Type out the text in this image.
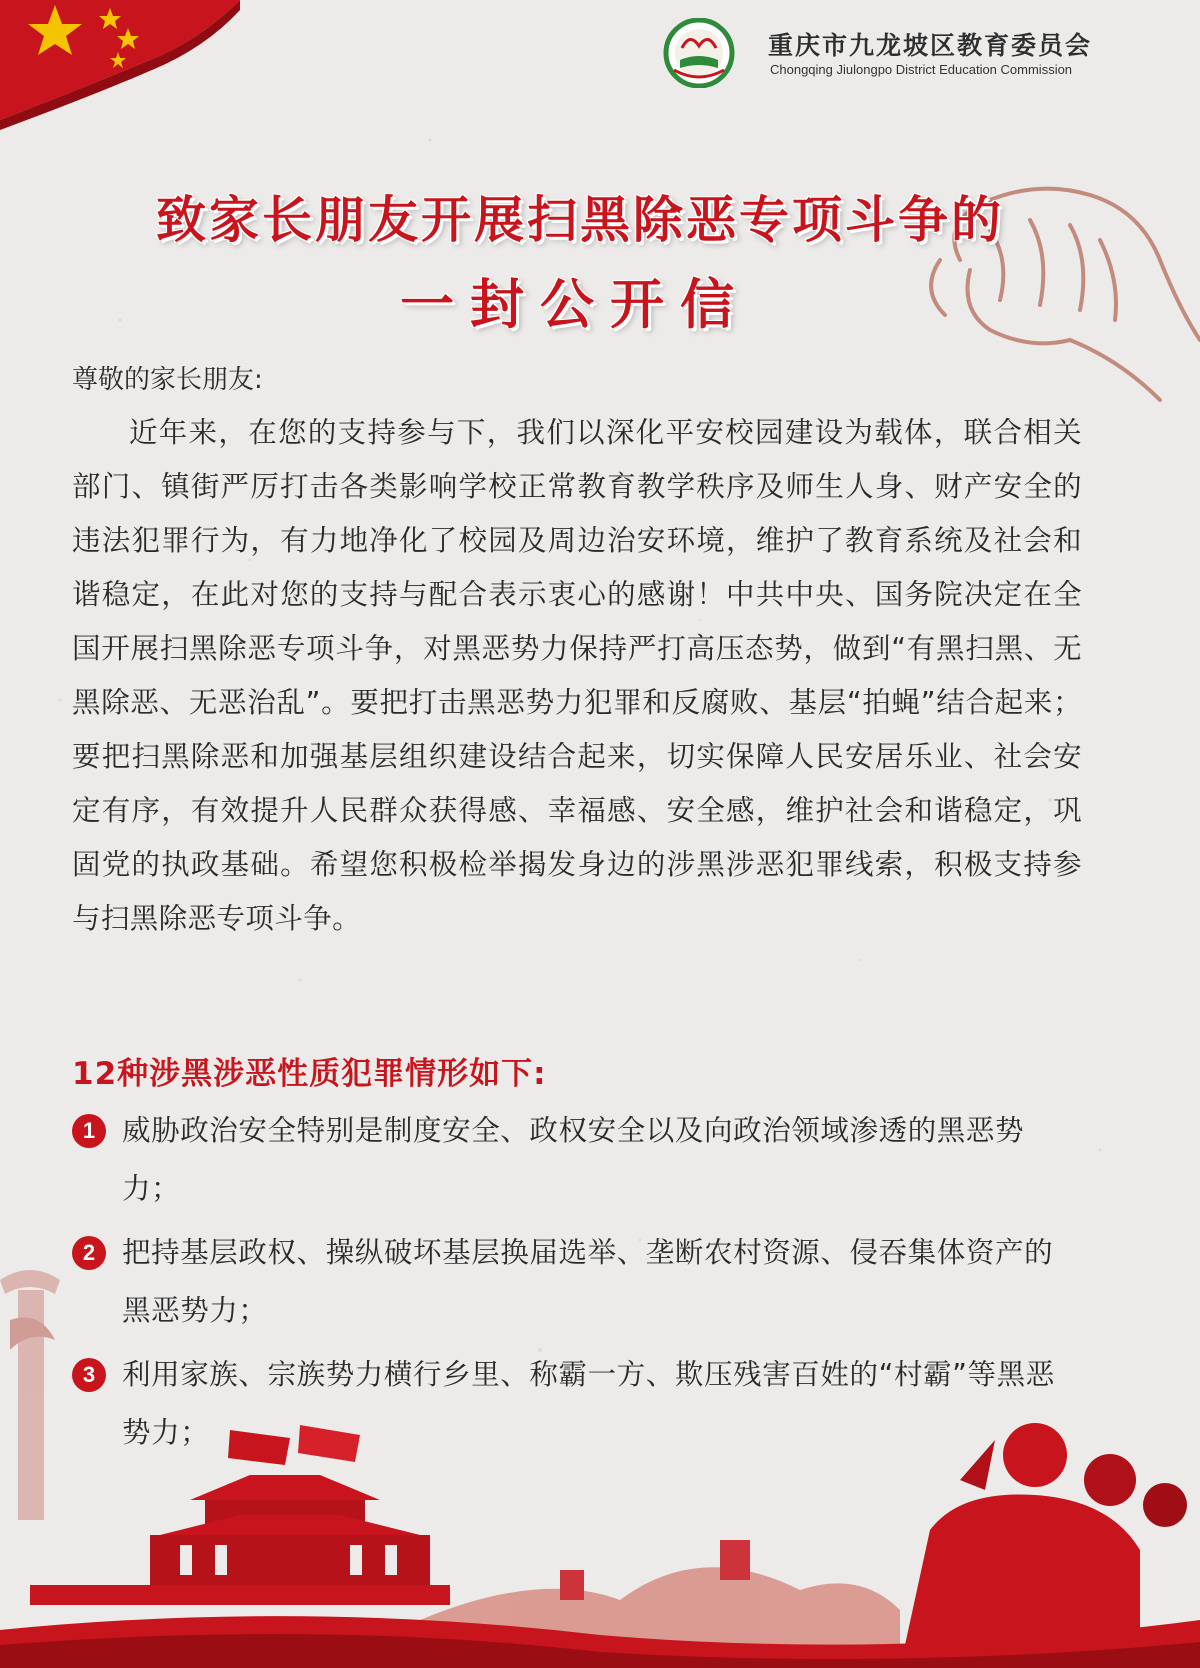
重庆市九龙坡区教育委员会
Chongqing Jiulongpo District Education Commission
致家长朋友开展扫黑除恶专项斗争的
一封公开信

尊敬的家长朋友:

近年来，在您的支持参与下，我们以深化平安校园建设为载体，联合相关部门、镇街严厉打击各类影响学校正常教育教学秩序及师生人身、财产安全的违法犯罪行为，有力地净化了校园及周边治安环境，维护了教育系统及社会和谐稳定，在此对您的支持与配合表示衷心的感谢！中共中央、国务院决定在全国开展扫黑除恶专项斗争，对黑恶势力保持严打高压态势，做到“有黑扫黑、无黑除恶、无恶治乱”。要把打击黑恶势力犯罪和反腐败、基层“拍蝇”结合起来；要把扫黑除恶和加强基层组织建设结合起来，切实保障人民安居乐业、社会安定有序，有效提升人民群众获得感、幸福感、安全感，维护社会和谐稳定，巩固党的执政基础。希望您积极检举揭发身边的涉黑涉恶犯罪线索，积极支持参与扫黑除恶专项斗争。

12种涉黑涉恶性质犯罪情形如下:
1 威胁政治安全特别是制度安全、政权安全以及向政治领域渗透的黑恶势力；
2 把持基层政权、操纵破坏基层换届选举、垄断农村资源、侵吞集体资产的黑恶势力；
3 利用家族、宗族势力横行乡里、称霸一方、欺压残害百姓的“村霸”等黑恶势力；
